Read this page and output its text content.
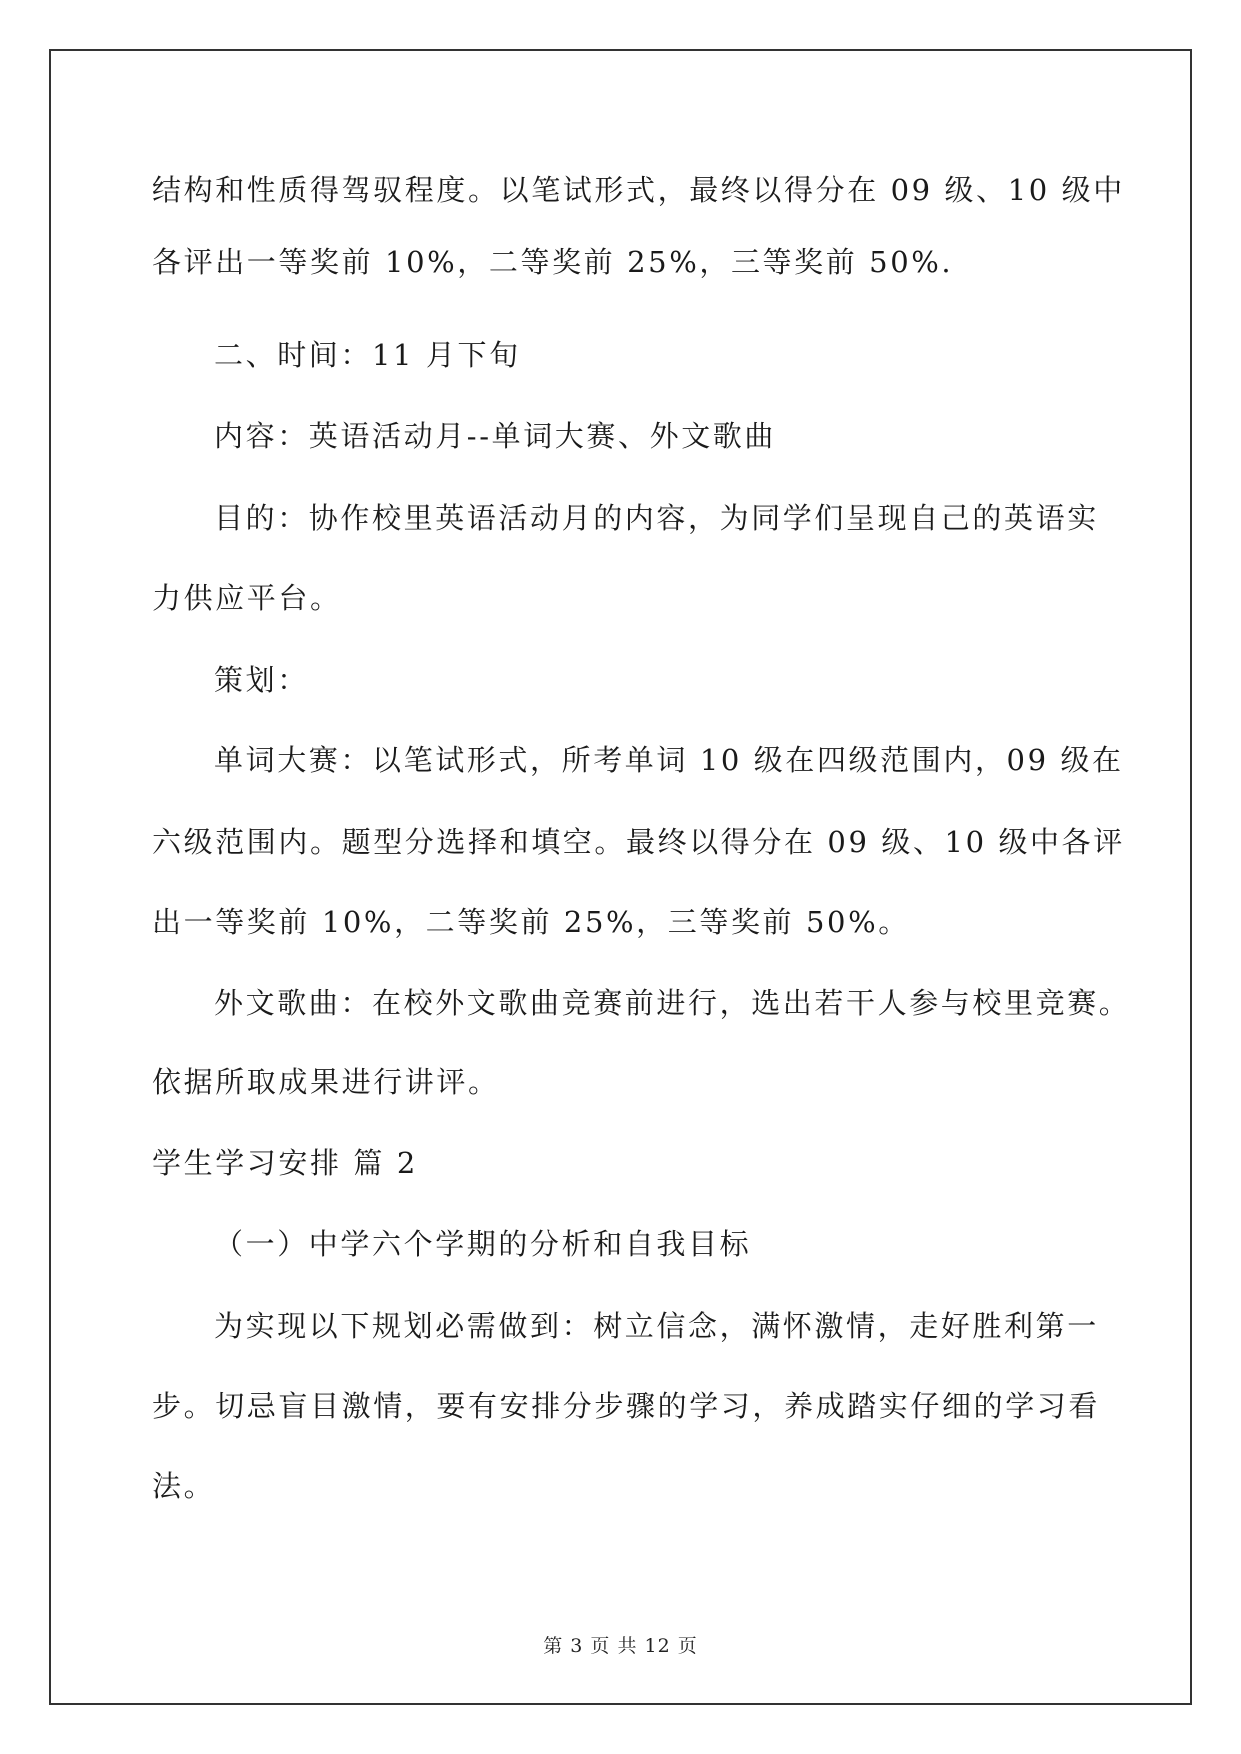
结构和性质得驾驭程度。以笔试形式，最终以得分在 09 级、10 级中
各评出一等奖前 10%，二等奖前 25%，三等奖前 50%.
二、时间：11 月下旬
内容：英语活动月--单词大赛、外文歌曲
目的：协作校里英语活动月的内容，为同学们呈现自己的英语实
力供应平台。
策划：
单词大赛：以笔试形式，所考单词 10 级在四级范围内，09 级在
六级范围内。题型分选择和填空。最终以得分在 09 级、10 级中各评
出一等奖前 10%，二等奖前 25%，三等奖前 50%。
外文歌曲：在校外文歌曲竞赛前进行，选出若干人参与校里竞赛。
依据所取成果进行讲评。
学生学习安排 篇 2
（一）中学六个学期的分析和自我目标
为实现以下规划必需做到：树立信念，满怀激情，走好胜利第一
步。切忌盲目激情，要有安排分步骤的学习，养成踏实仔细的学习看
法。
第 3 页 共 12 页
